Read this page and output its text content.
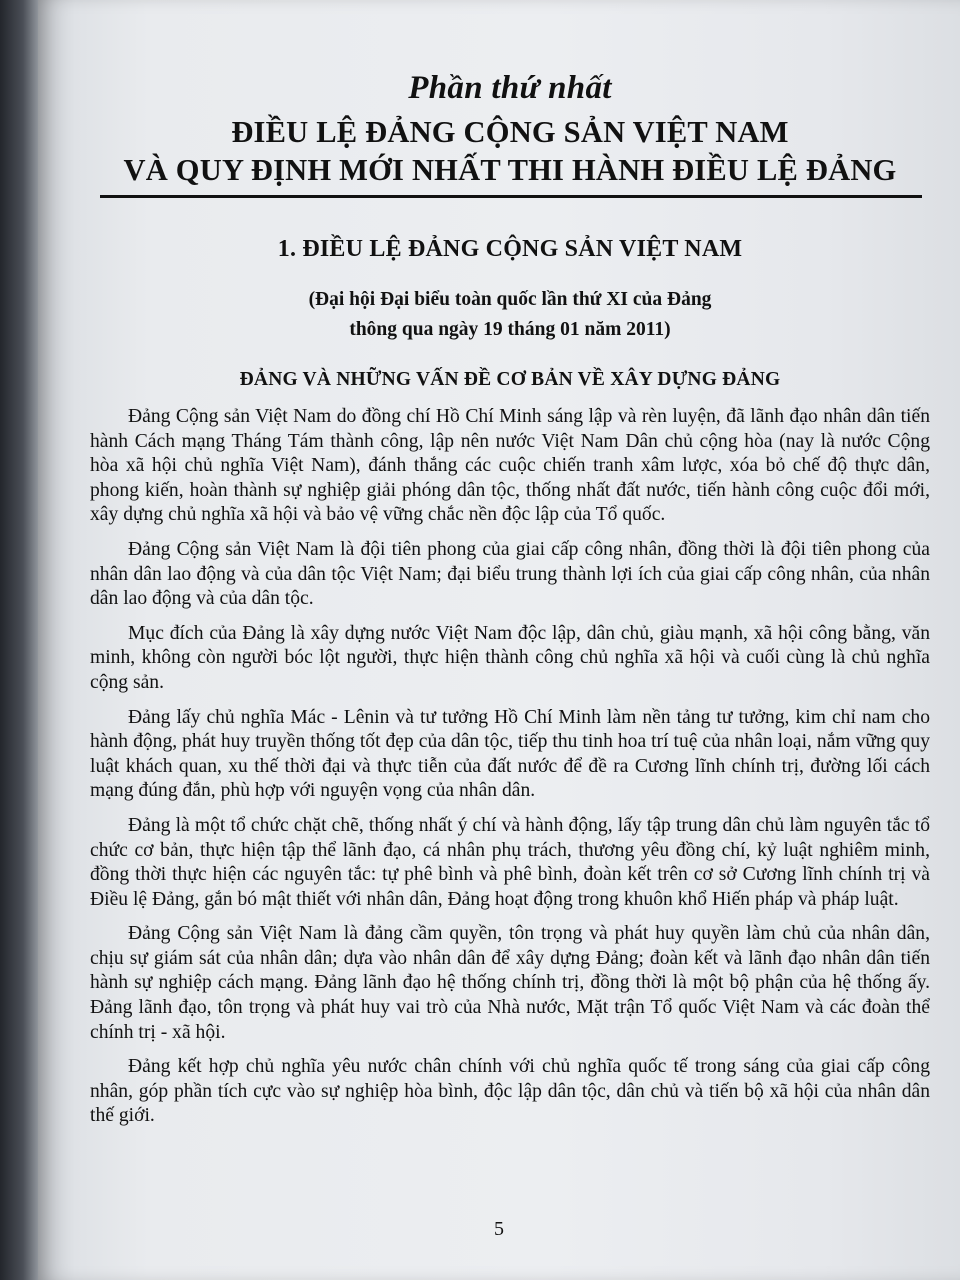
Phần thứ nhất
ĐIỀU LỆ ĐẢNG CỘNG SẢN VIỆT NAM
VÀ QUY ĐỊNH MỚI NHẤT THI HÀNH ĐIỀU LỆ ĐẢNG
1. ĐIỀU LỆ ĐẢNG CỘNG SẢN VIỆT NAM
(Đại hội Đại biểu toàn quốc lần thứ XI của Đảng
thông qua ngày 19 tháng 01 năm 2011)
ĐẢNG VÀ NHỮNG VẤN ĐỀ CƠ BẢN VỀ XÂY DỰNG ĐẢNG

Đảng Cộng sản Việt Nam do đồng chí Hồ Chí Minh sáng lập và rèn luyện, đã lãnh đạo nhân dân tiến hành Cách mạng Tháng Tám thành công, lập nên nước Việt Nam Dân chủ cộng hòa (nay là nước Cộng hòa xã hội chủ nghĩa Việt Nam), đánh thắng các cuộc chiến tranh xâm lược, xóa bỏ chế độ thực dân, phong kiến, hoàn thành sự nghiệp giải phóng dân tộc, thống nhất đất nước, tiến hành công cuộc đổi mới, xây dựng chủ nghĩa xã hội và bảo vệ vững chắc nền độc lập của Tổ quốc.

Đảng Cộng sản Việt Nam là đội tiên phong của giai cấp công nhân, đồng thời là đội tiên phong của nhân dân lao động và của dân tộc Việt Nam; đại biểu trung thành lợi ích của giai cấp công nhân, của nhân dân lao động và của dân tộc.

Mục đích của Đảng là xây dựng nước Việt Nam độc lập, dân chủ, giàu mạnh, xã hội công bằng, văn minh, không còn người bóc lột người, thực hiện thành công chủ nghĩa xã hội và cuối cùng là chủ nghĩa cộng sản.

Đảng lấy chủ nghĩa Mác - Lênin và tư tưởng Hồ Chí Minh làm nền tảng tư tưởng, kim chỉ nam cho hành động, phát huy truyền thống tốt đẹp của dân tộc, tiếp thu tinh hoa trí tuệ của nhân loại, nắm vững quy luật khách quan, xu thế thời đại và thực tiễn của đất nước để đề ra Cương lĩnh chính trị, đường lối cách mạng đúng đắn, phù hợp với nguyện vọng của nhân dân.

Đảng là một tổ chức chặt chẽ, thống nhất ý chí và hành động, lấy tập trung dân chủ làm nguyên tắc tổ chức cơ bản, thực hiện tập thể lãnh đạo, cá nhân phụ trách, thương yêu đồng chí, kỷ luật nghiêm minh, đồng thời thực hiện các nguyên tắc: tự phê bình và phê bình, đoàn kết trên cơ sở Cương lĩnh chính trị và Điều lệ Đảng, gắn bó mật thiết với nhân dân, Đảng hoạt động trong khuôn khổ Hiến pháp và pháp luật.

Đảng Cộng sản Việt Nam là đảng cầm quyền, tôn trọng và phát huy quyền làm chủ của nhân dân, chịu sự giám sát của nhân dân; dựa vào nhân dân để xây dựng Đảng; đoàn kết và lãnh đạo nhân dân tiến hành sự nghiệp cách mạng. Đảng lãnh đạo hệ thống chính trị, đồng thời là một bộ phận của hệ thống ấy. Đảng lãnh đạo, tôn trọng và phát huy vai trò của Nhà nước, Mặt trận Tổ quốc Việt Nam và các đoàn thể chính trị - xã hội.

Đảng kết hợp chủ nghĩa yêu nước chân chính với chủ nghĩa quốc tế trong sáng của giai cấp công nhân, góp phần tích cực vào sự nghiệp hòa bình, độc lập dân tộc, dân chủ và tiến bộ xã hội của nhân dân thế giới.

5
